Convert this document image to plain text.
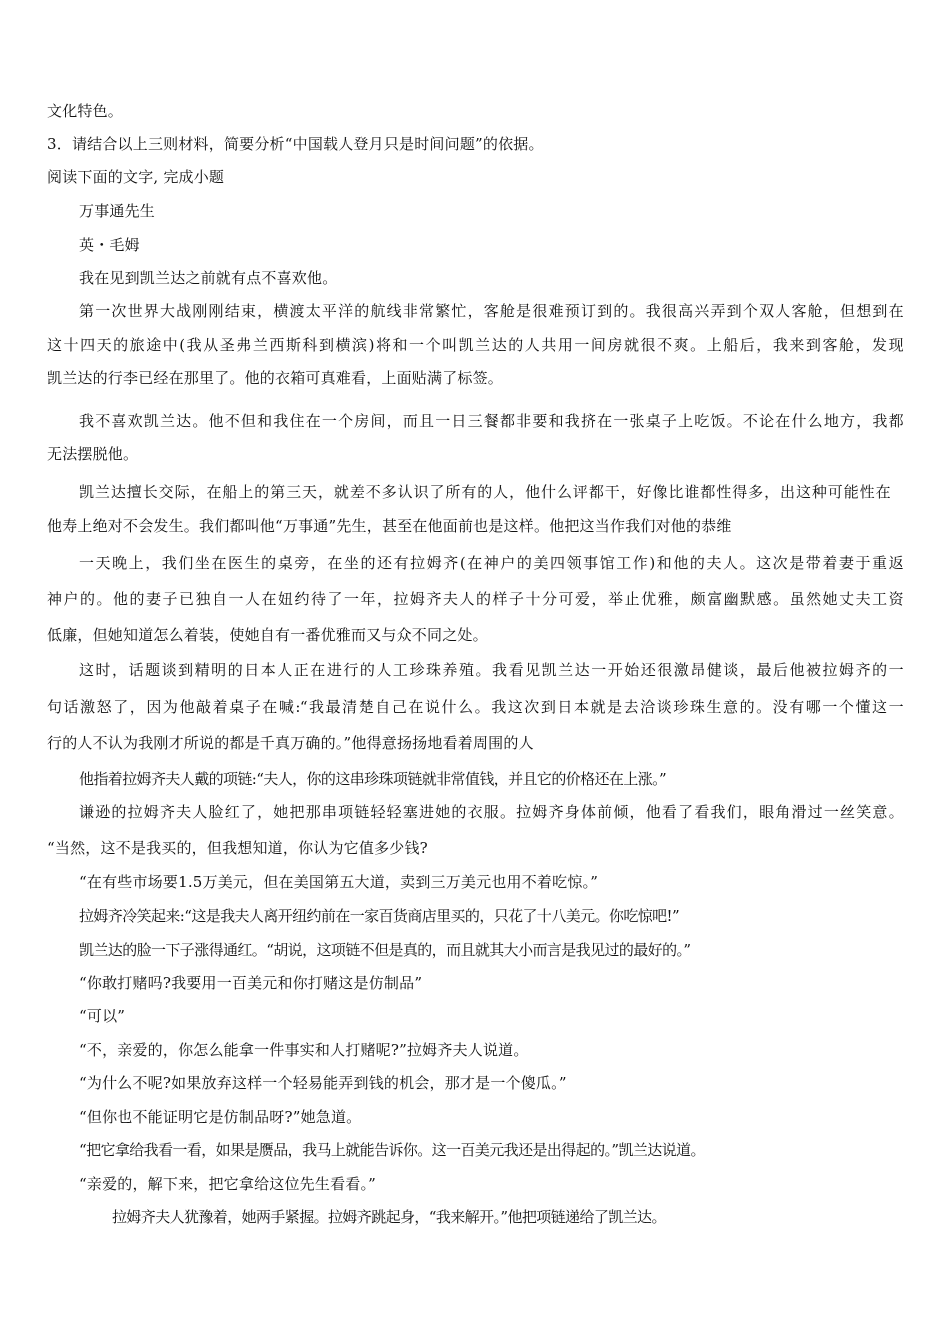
文化特色。
3．请结合以上三则材料，简要分析“中国载人登月只是时间问题”的依据。
阅读下面的文字, 完成小题
万事通先生
英・毛姆
我在见到凯兰达之前就有点不喜欢他。
第一次世界大战刚刚结束，横渡太平洋的航线非常繁忙，客舱是很难预订到的。我很高兴弄到个双人客舱，但想到在
这十四天的旅途中(我从圣弗兰西斯科到横滨)将和一个叫凯兰达的人共用一间房就很不爽。上船后，我来到客舱，发现
凯兰达的行李已经在那里了。他的衣箱可真难看，上面贴满了标签。
我不喜欢凯兰达。他不但和我住在一个房间，而且一日三餐都非要和我挤在一张桌子上吃饭。不论在什么地方，我都
无法摆脱他。
凯兰达擅长交际，在船上的第三天，就差不多认识了所有的人，他什么评都干，好像比谁都性得多，出这种可能性在
他寿上绝对不会发生。我们都叫他“万事通”先生，甚至在他面前也是这样。他把这当作我们对他的恭维
一天晚上，我们坐在医生的桌旁，在坐的还有拉姆齐(在神户的美四领事馆工作)和他的夫人。这次是带着妻于重返
神户的。他的妻子已独自一人在妞约待了一年，拉姆齐夫人的样子十分可爱，举止优雅，颇富幽默感。虽然她丈夫工资
低廉，但她知道怎么着装，使她自有一番优雅而又与众不同之处。
这时，话题谈到精明的日本人正在进行的人工珍珠养殖。我看见凯兰达一开始还很激昂健谈，最后他被拉姆齐的一
句话激怒了，因为他敲着桌子在喊:“我最清楚自己在说什么。我这次到日本就是去洽谈珍珠生意的。没有哪一个懂这一
行的人不认为我刚才所说的都是千真万确的。”他得意扬扬地看着周围的人
他指着拉姆齐夫人戴的项链:“夫人，你的这串珍珠项链就非常值钱，并且它的价格还在上涨。”
谦逊的拉姆齐夫人脸红了，她把那串项链轻轻塞进她的衣服。拉姆齐身体前倾，他看了看我们，眼角滑过一丝笑意。
“当然，这不是我买的，但我想知道，你认为它值多少钱?
“在有些市场要1.5万美元，但在美国第五大道，卖到三万美元也用不着吃惊。”
拉姆齐冷笑起来:“这是我夫人离开纽约前在一家百货商店里买的，只花了十八美元。你吃惊吧!”
凯兰达的脸一下子涨得通红。“胡说，这项链不但是真的，而且就其大小而言是我见过的最好的。”
“你敢打赌吗?我要用一百美元和你打赌这是仿制品”
“可以”
“不，亲爱的，你怎么能拿一件事实和人打赌呢?”拉姆齐夫人说道。
“为什么不呢?如果放弃这样一个轻易能弄到钱的机会，那才是一个傻瓜。”
“但你也不能证明它是仿制品呀?”她急道。
“把它拿给我看一看，如果是赝品，我马上就能告诉你。这一百美元我还是出得起的。”凯兰达说道。
“亲爱的，解下来，把它拿给这位先生看看。”
拉姆齐夫人犹豫着，她两手紧握。拉姆齐跳起身，“我来解开。”他把项链递给了凯兰达。
